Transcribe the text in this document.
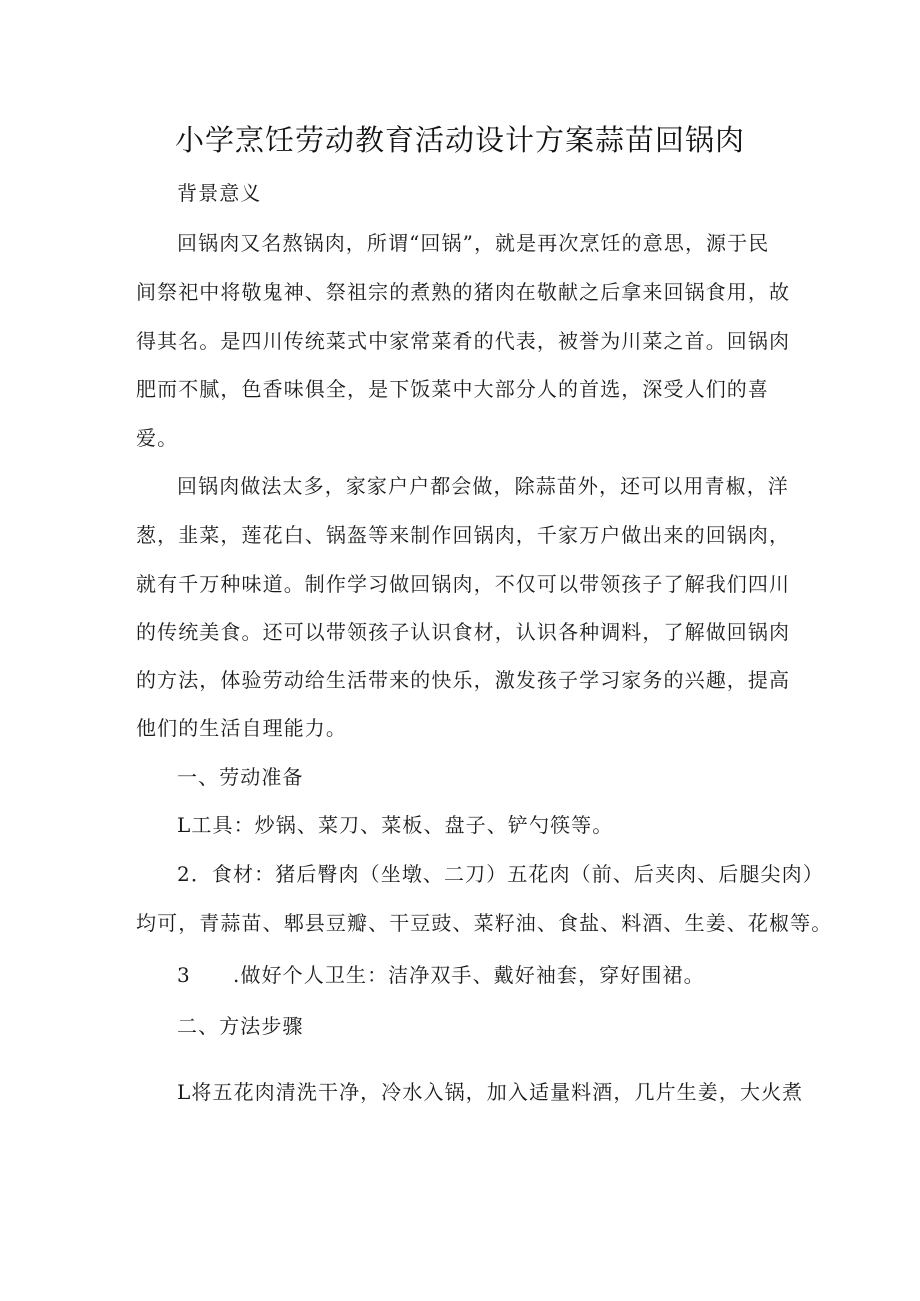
小学烹饪劳动教育活动设计方案蒜苗回锅肉
背景意义
回锅肉又名熬锅肉，所谓“回锅”，就是再次烹饪的意思，源于民
间祭祀中将敬鬼神、祭祖宗的煮熟的猪肉在敬献之后拿来回锅食用，故
得其名。是四川传统菜式中家常菜肴的代表，被誉为川菜之首。回锅肉
肥而不腻，色香味俱全，是下饭菜中大部分人的首选，深受人们的喜
爱。
回锅肉做法太多，家家户户都会做，除蒜苗外，还可以用青椒，洋
葱，韭菜，莲花白、锅盔等来制作回锅肉，千家万户做出来的回锅肉，
就有千万种味道。制作学习做回锅肉，不仅可以带领孩子了解我们四川
的传统美食。还可以带领孩子认识食材，认识各种调料，了解做回锅肉
的方法，体验劳动给生活带来的快乐，激发孩子学习家务的兴趣，提高
他们的生活自理能力。
一、劳动准备
L工具：炒锅、菜刀、菜板、盘子、铲勺筷等。
2．食材：猪后臀肉（坐墩、二刀）五花肉（前、后夹肉、后腿尖肉）
均可，青蒜苗、郫县豆瓣、干豆豉、菜籽油、食盐、料酒、生姜、花椒等。
3　　.做好个人卫生：洁净双手、戴好袖套，穿好围裙。
二、方法步骤
L将五花肉清洗干净，冷水入锅，加入适量料酒，几片生姜，大火煮
